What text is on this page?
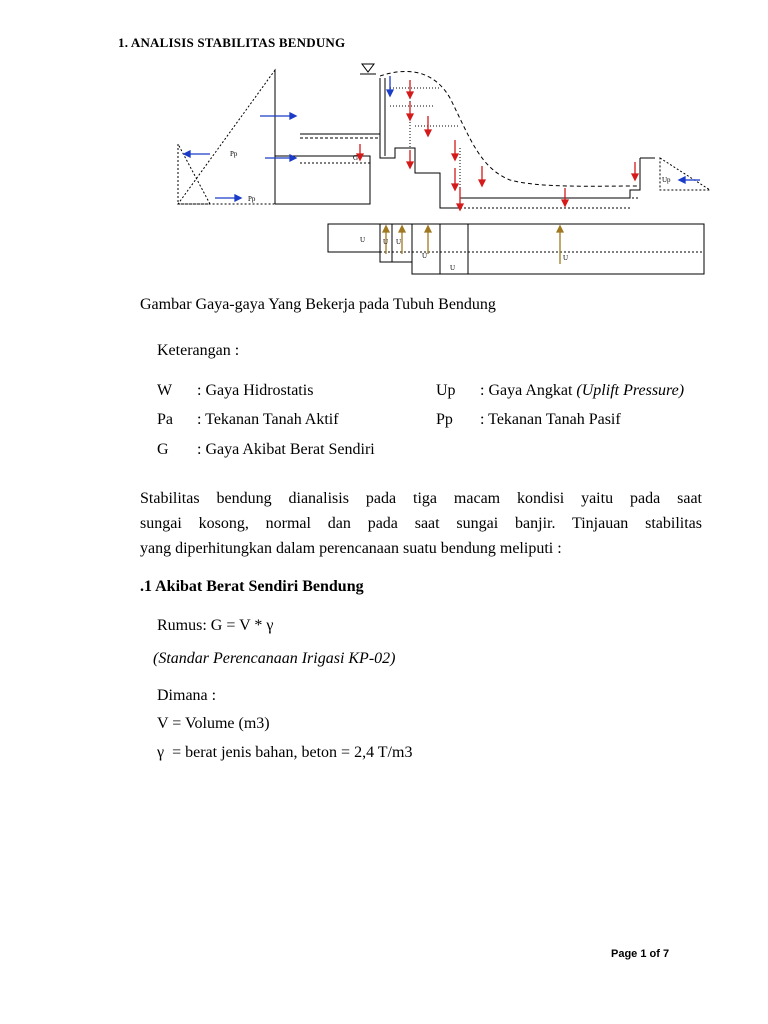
1. ANALISIS STABILITAS BENDUNG
Pp
Pp
Up
U	U U
U
U
U
G
Gambar Gaya-gaya Yang Bekerja pada Tubuh Bendung
Keterangan :
W : Gaya Hidrostatis	Up : Gaya Angkat (Uplift Pressure)
Pa : Tekanan Tanah Aktif	Pp : Tekanan Tanah Pasif
G : Gaya Akibat Berat Sendiri
Stabilitas bendung dianalisis pada tiga macam kondisi yaitu pada saat
sungai kosong, normal dan pada saat sungai banjir. Tinjauan stabilitas
yang diperhitungkan dalam perencanaan suatu bendung meliputi :
.1 Akibat Berat Sendiri Bendung
Rumus: G = V * γ
(Standar Perencanaan Irigasi KP-02)
Dimana :
V = Volume (m3)
γ  = berat jenis bahan, beton = 2,4 T/m3
Page 1 of 7
